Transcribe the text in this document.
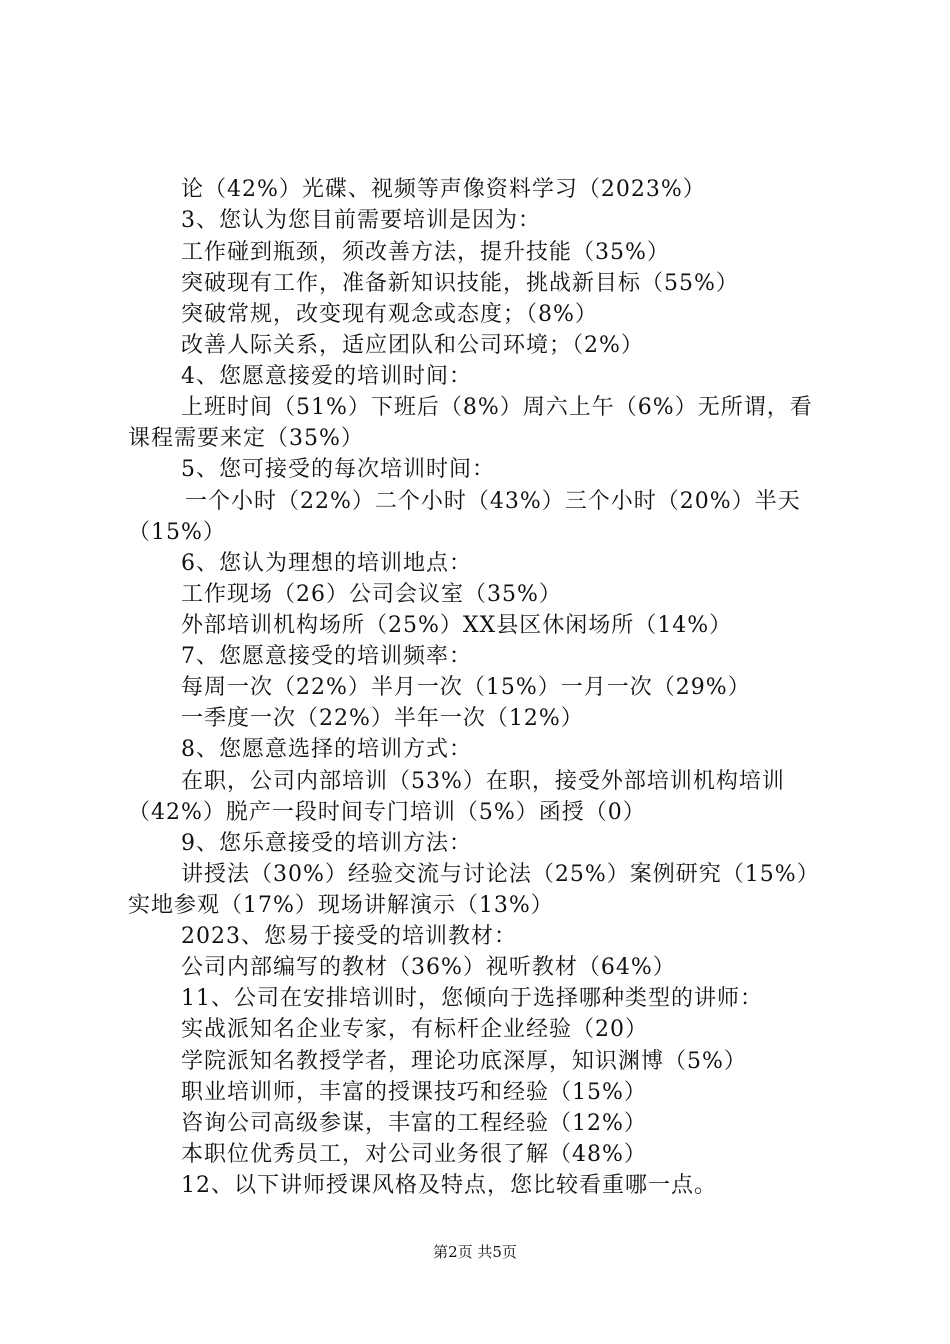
论（42%）光碟、视频等声像资料学习（2023%）
3、您认为您目前需要培训是因为：
工作碰到瓶颈，须改善方法，提升技能（35%）
突破现有工作，准备新知识技能，挑战新目标（55%）
突破常规，改变现有观念或态度；（8%）
改善人际关系，适应团队和公司环境；（2%）
4、您愿意接爱的培训时间：
上班时间（51%）下班后（8%）周六上午（6%）无所谓，看
课程需要来定（35%）
5、您可接受的每次培训时间：
一个小时（22%）二个小时（43%）三个小时（20%）半天
（15%）
6、您认为理想的培训地点：
工作现场（26）公司会议室（35%）
外部培训机构场所（25%）XX县区休闲场所（14%）
7、您愿意接受的培训频率：
每周一次（22%）半月一次（15%）一月一次（29%）
一季度一次（22%）半年一次（12%）
8、您愿意选择的培训方式：
在职，公司内部培训（53%）在职，接受外部培训机构培训
（42%）脱产一段时间专门培训（5%）函授（0）
9、您乐意接受的培训方法：
讲授法（30%）经验交流与讨论法（25%）案例研究（15%）
实地参观（17%）现场讲解演示（13%）
2023、您易于接受的培训教材：
公司内部编写的教材（36%）视听教材（64%）
11、公司在安排培训时，您倾向于选择哪种类型的讲师：
实战派知名企业专家，有标杆企业经验（20）
学院派知名教授学者，理论功底深厚，知识渊博（5%）
职业培训师，丰富的授课技巧和经验（15%）
咨询公司高级参谋，丰富的工程经验（12%）
本职位优秀员工，对公司业务很了解（48%）
12、以下讲师授课风格及特点，您比较看重哪一点。
第2页 共5页
